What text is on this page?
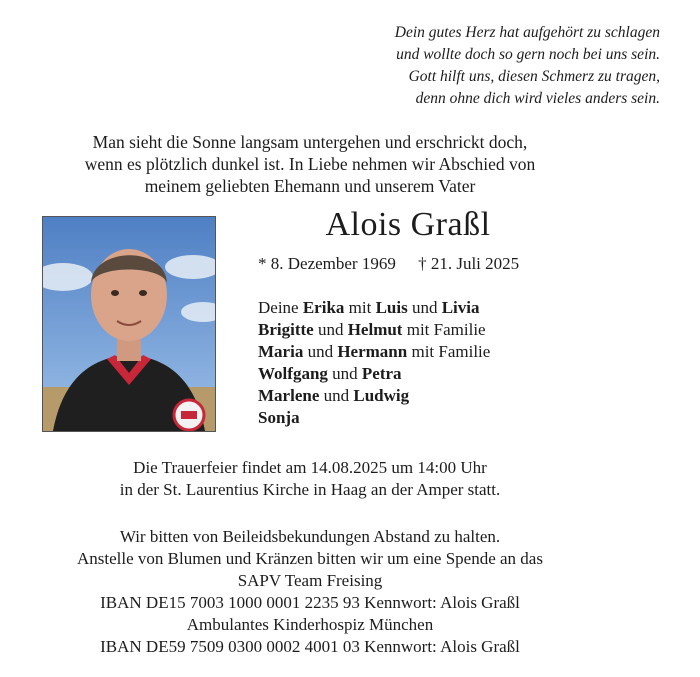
Dein gutes Herz hat aufgehört zu schlagen
und wollte doch so gern noch bei uns sein.
Gott hilft uns, diesen Schmerz zu tragen,
denn ohne dich wird vieles anders sein.
Man sieht die Sonne langsam untergehen und erschrickt doch,
wenn es plötzlich dunkel ist. In Liebe nehmen wir Abschied von
meinem geliebten Ehemann und unserem Vater
Alois Graßl
* 8. Dezember 1969 † 21. Juli 2025
Deine Erika mit Luis und Livia
Brigitte und Helmut mit Familie
Maria und Hermann mit Familie
Wolfgang und Petra
Marlene und Ludwig
Sonja
Die Trauerfeier findet am 14.08.2025 um 14:00 Uhr
in der St. Laurentius Kirche in Haag an der Amper statt.
Wir bitten von Beileidsbekundungen Abstand zu halten.
Anstelle von Blumen und Kränzen bitten wir um eine Spende an das
SAPV Team Freising
IBAN DE15 7003 1000 0001 2235 93 Kennwort: Alois Graßl
Ambulantes Kinderhospiz München
IBAN DE59 7509 0300 0002 4001 03 Kennwort: Alois Graßl
